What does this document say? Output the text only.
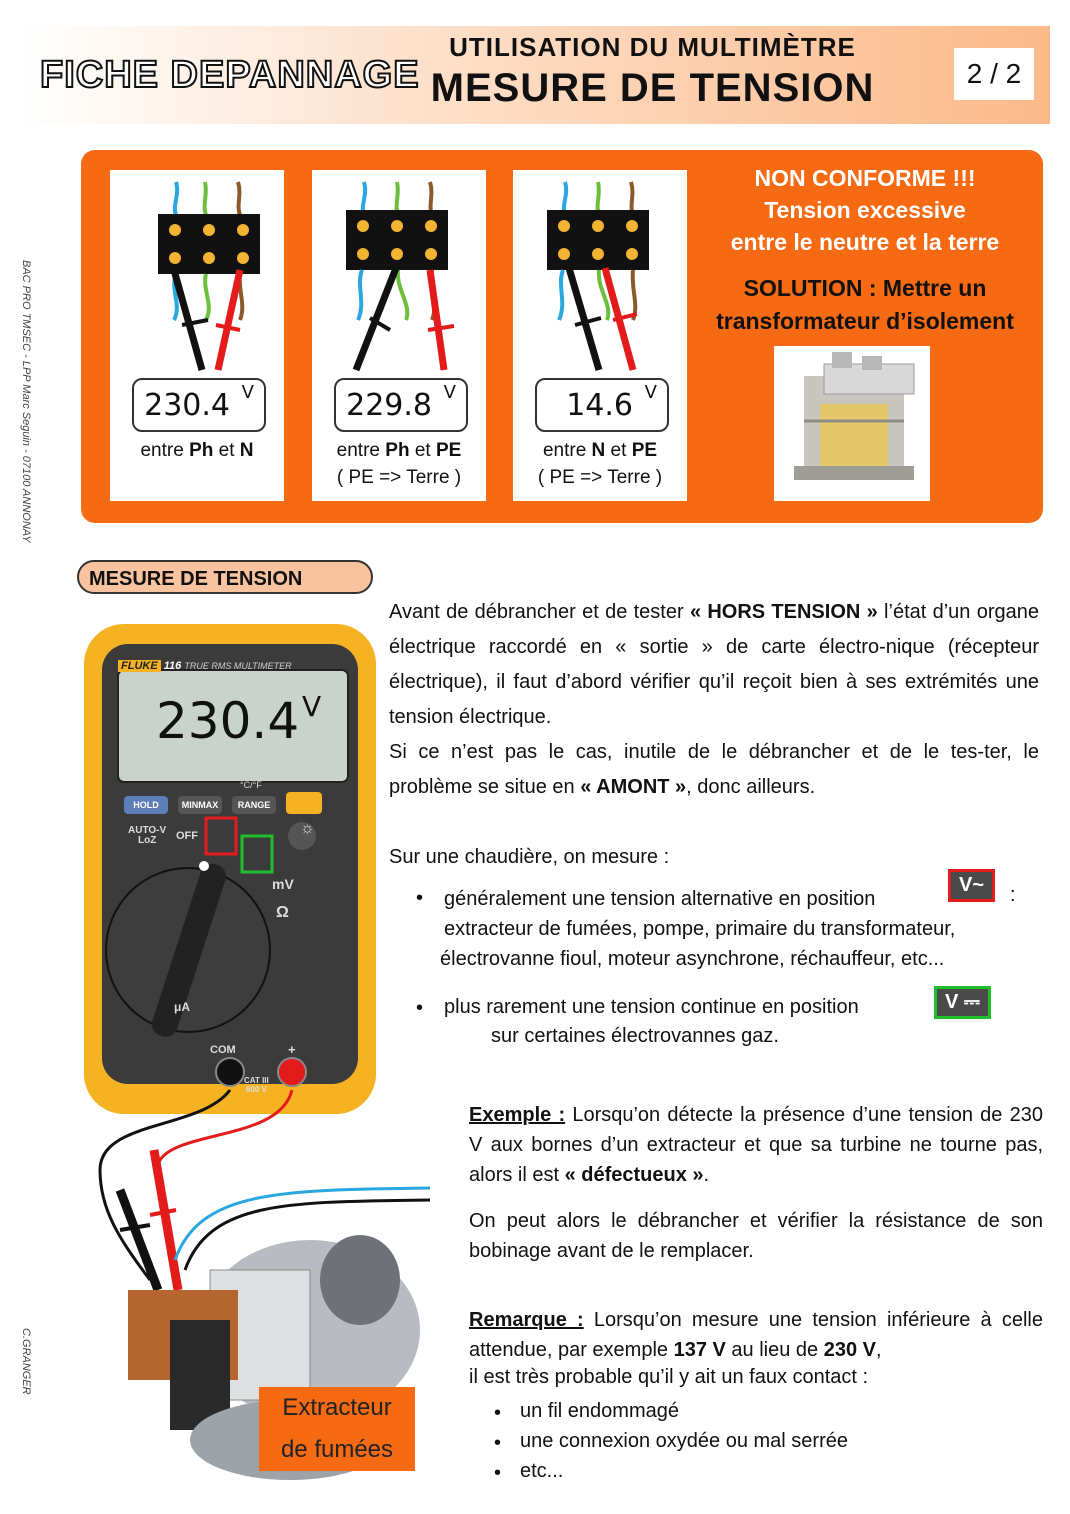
FICHE DEPANNAGE
UTILISATION DU MULTIMÈTRE
MESURE DE TENSION	2 / 2
BAC PRO TMSEC - LPP Marc Seguin - 07100 ANNONAY
C.GRANGER
230.4 V
entre Ph et N
229.8 V
entre Ph et PE
( PE => Terre )
14.6 V
entre N et PE
( PE => Terre )
NON CONFORME !!!
Tension excessive
entre le neutre et la terre
SOLUTION : Mettre un
transformateur d’isolement
MESURE DE TENSION
FLUKE 116 TRUE RMS MULTIMETER
230.4 V
HOLD	MINMAX	RANGE
°C/°F
AUTO-V
LoZ	OFF
mV
Ω
μA
COM	+
CAT III
600 V
☼
Extracteur
de fumées
Avant de débrancher et de tester « HORS TENSION » l’état d’un organe électrique raccordé en « sortie » de carte électro-nique (récepteur électrique), il faut d’abord vérifier qu’il reçoit bien à ses extrémités une tension électrique.
Si ce n’est pas le cas, inutile de le débrancher et de le tes-ter, le problème se situe en « AMONT », donc ailleurs.
Sur une chaudière, on mesure :
• généralement une tension alternative en position
V~	:
extracteur de fumées, pompe, primaire du transformateur,
électrovanne fioul, moteur asynchrone, réchauffeur, etc...
• plus rarement une tension continue en position	V ⎓
sur certaines électrovannes gaz.
Exemple : Lorsqu’on détecte la présence d’une tension de 230 V aux bornes d’un extracteur et que sa turbine ne tourne pas, alors il est « défectueux ».
On peut alors le débrancher et vérifier la résistance de son bobinage avant de le remplacer.
Remarque : Lorsqu’on mesure une tension inférieure à celle attendue, par exemple 137 V au lieu de 230 V,
il est très probable qu’il y ait un faux contact :
• un fil endommagé
• une connexion oxydée ou mal serrée
• etc...
